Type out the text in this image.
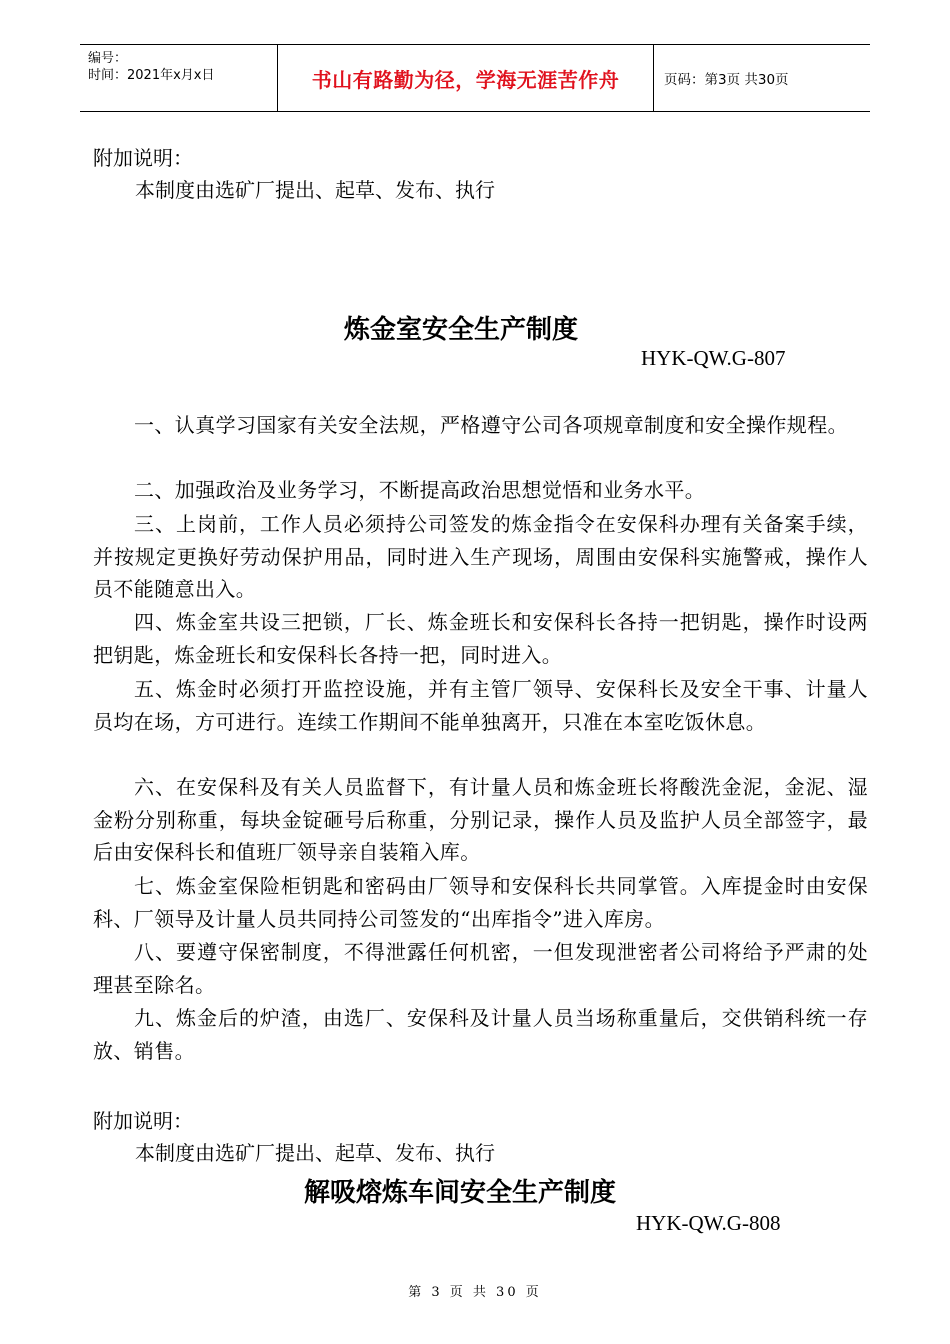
编号：
时间：2021年x月x日	书山有路勤为径，学海无涯苦作舟	页码：第3页 共30页
附加说明：
本制度由选矿厂提出、起草、发布、执行
炼金室安全生产制度
HYK-QW.G-807
一、认真学习国家有关安全法规，严格遵守公司各项规章制度和安全操作规程。
二、加强政治及业务学习，不断提高政治思想觉悟和业务水平。
三、上岗前，工作人员必须持公司签发的炼金指令在安保科办理有关备案手续，并按规定更换好劳动保护用品，同时进入生产现场，周围由安保科实施警戒，操作人员不能随意出入。
四、炼金室共设三把锁，厂长、炼金班长和安保科长各持一把钥匙，操作时设两把钥匙，炼金班长和安保科长各持一把，同时进入。
五、炼金时必须打开监控设施，并有主管厂领导、安保科长及安全干事、计量人员均在场，方可进行。连续工作期间不能单独离开，只准在本室吃饭休息。
六、在安保科及有关人员监督下，有计量人员和炼金班长将酸洗金泥，金泥、湿金粉分别称重，每块金锭砸号后称重，分别记录，操作人员及监护人员全部签字，最后由安保科长和值班厂领导亲自装箱入库。
七、炼金室保险柜钥匙和密码由厂领导和安保科长共同掌管。入库提金时由安保科、厂领导及计量人员共同持公司签发的“出库指令”进入库房。
八、要遵守保密制度，不得泄露任何机密，一但发现泄密者公司将给予严肃的处理甚至除名。
九、炼金后的炉渣，由选厂、安保科及计量人员当场称重量后，交供销科统一存放、销售。
附加说明：
本制度由选矿厂提出、起草、发布、执行
解吸熔炼车间安全生产制度
HYK-QW.G-808
第 3 页 共 30 页
